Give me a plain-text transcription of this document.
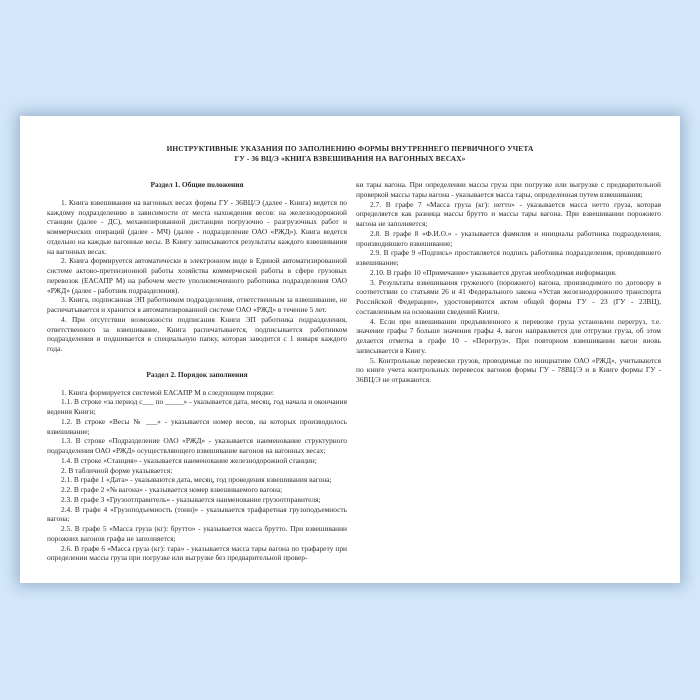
ИНСТРУКТИВНЫЕ УКАЗАНИЯ ПО ЗАПОЛНЕНИЮ ФОРМЫ ВНУТРЕННЕГО ПЕРВИЧНОГО УЧЕТА
ГУ - 36 ВЦ/Э «КНИГА ВЗВЕШИВАНИЯ НА ВАГОННЫХ ВЕСАХ»
Раздел 1. Общие положения

1. Книга взвешивания на вагонных весах формы ГУ - 36ВЦ/Э (далее - Книга) ведется по каждому подразделению в зависимости от места нахождения весов: на железнодорожной станции (далее - ДС), механизированной дистанции погрузочно - разгрузочных работ и коммерческих операций (далее - МЧ) (далее - подразделение ОАО «РЖД»). Книга ведется отдельно на каждые вагонные весы. В Книгу записываются результаты каждого взвешивания на вагонных весах.

2. Книга формируется автоматически в электронном виде в Единой автоматизированной системе актово-претензионной работы хозяйства коммерческой работы в сфере грузовых перевозок (ЕАСАПР М) на рабочем месте уполномоченного работника подразделения ОАО «РЖД» (далее - работник подразделения).

3. Книга, подписанная ЭП работником подразделения, ответственным за взвешивание, не распечатывается и хранится в автоматизированной системе ОАО «РЖД» в течение 5 лет.

4. При отсутствии возможности подписания Книги ЭП работника подразделения, ответственного за взвешивание, Книга распечатывается, подписывается работником подразделения и подшивается в специальную папку, которая заводится с 1 января каждого года.

Раздел 2. Порядок заполнения

1. Книга формируется системой ЕАСАПР М в следующем порядке:

1.1. В строке «за период с___ по _____» - указывается дата, месяц, год начала и окончания ведения Книги;

1.2. В строке «Весы № ___» - указывается номер весов, на которых производилось взвешивание;

1.3. В строке «Подразделение ОАО «РЖД» - указывается наименование структурного подразделения ОАО «РЖД» осуществляющего взвешивание вагонов на вагонных весах;

1.4. В строке «Станция» - указывается наименование железнодорожной станции;

2. В табличной форме указывается:

2.1. В графе 1 «Дата» - указываются дата, месяц, год проведения взвешивания вагона;

2.2. В графе 2 «№ вагона» - указывается номер взвешиваемого вагона;

2.3. В графе 3 «Грузоотправитель» - указывается наименование грузоотправителя;

2.4. В графе 4 «Грузоподъемность (тонн)» - указывается трафаретная грузоподъемность вагона;

2.5. В графе 5 «Масса груза (кг): брутто» - указывается масса брутто. При взвешивании порожних вагонов графа не заполняется;

2.6. В графе 6 «Масса груза (кг): тара» - указывается масса тары вагона по трафарету при определении массы груза при погрузке или выгрузке без предварительной провер-

ки тары вагона. При определении массы груза при погрузке или выгрузке с предварительной проверкой массы тары вагона - указывается масса тары, определенная путем взвешивания;

2.7. В графе 7 «Масса груза (кг): нетто» - указывается масса нетто груза, которая определяется как разница массы брутто и массы тары вагона. При взвешивании порожнего вагона не заполняется;

2.8. В графе 8 «Ф.И.О.» - указывается фамилия и инициалы работника подразделения, производившего взвешивание;

2.9. В графе 9 «Подпись» проставляется подпись работника подразделения, проводившего взвешивание;

2.10. В графе 10 «Примечание» указывается другая необходимая информация.

3. Результаты взвешивания груженого (порожнего) вагона, производимого по договору в соответствии со статьями 26 и 41 Федерального закона «Устав железнодорожного транспорта Российской Федерации», удостоверяются актом общей формы ГУ - 23 (ГУ - 23ВЦ), составленным на основании сведений Книги.

4. Если при взвешивании предъявленного к перевозке груза установлен перегруз, т.е. значение графы 7 больше значения графы 4, вагон направляется для отгрузки груза, об этом делается отметка в графе 10 - «Перегруз». При повторном взвешивании вагон вновь записывается в Книгу.

5. Контрольные перевески грузов, проводимые по инициативе ОАО «РЖД», учитываются по книге учета контрольных перевесок вагонов формы ГУ - 78ВЦ/Э и в Книге формы ГУ - 36ВЦ/Э не отражаются.
